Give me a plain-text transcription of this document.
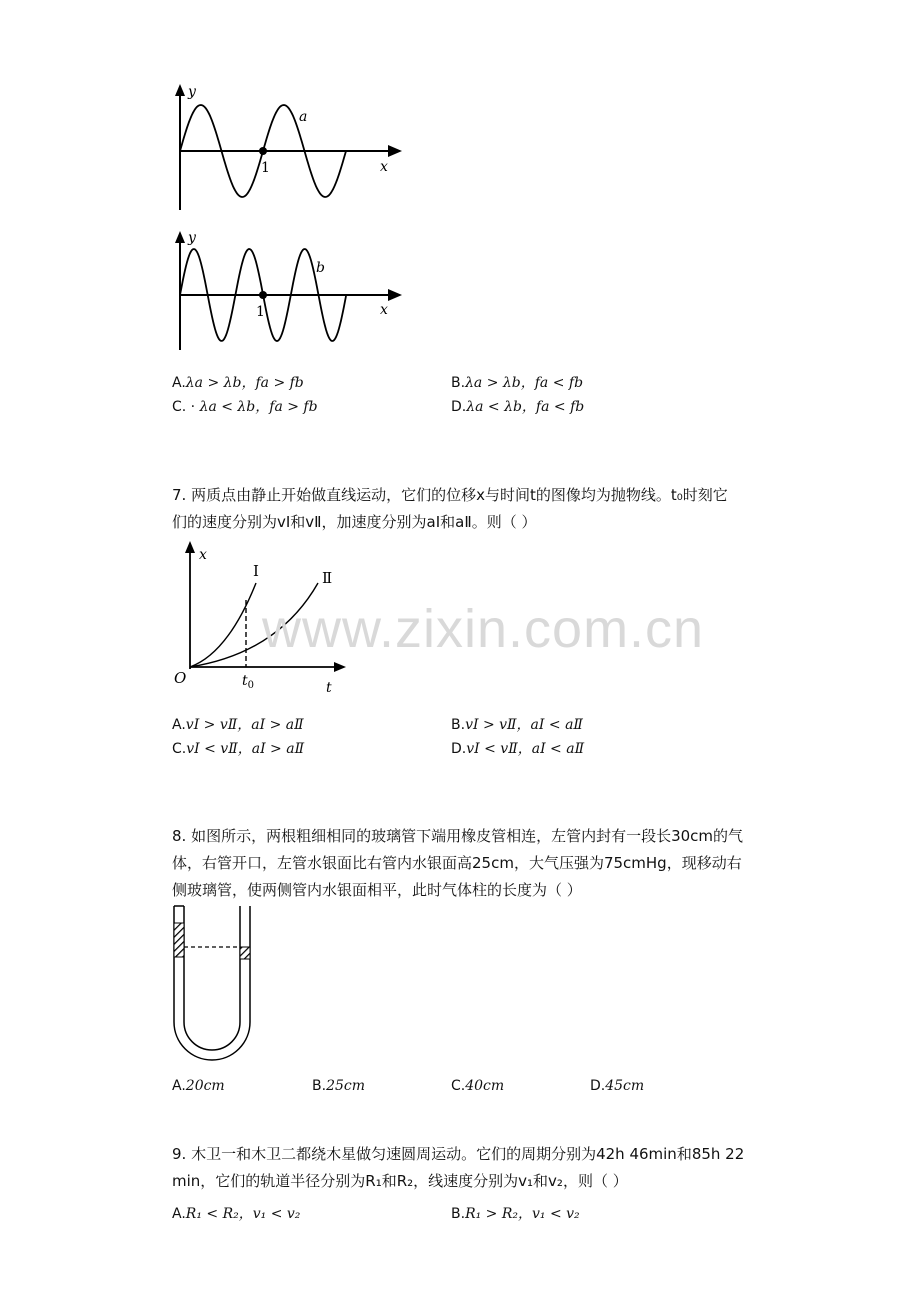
y
x
a
1
y
x
b
1
A.λa > λb，fa > fb	B.λa > λb，fa < fb
C. · λa < λb，fa > fb	D.λa < λb，fa < fb
7. 两质点由静止开始做直线运动，它们的位移x与时间t的图像均为抛物线。t₀时刻它
们的速度分别为vⅠ和vⅡ，加速度分别为aⅠ和aⅡ。则（ ）
x
t
O	$t_0$
Ⅰ	Ⅱ
A.vⅠ > vⅡ，aⅠ > aⅡ	B.vⅠ > vⅡ，aⅠ < aⅡ
C.vⅠ < vⅡ，aⅠ > aⅡ	D.vⅠ < vⅡ，aⅠ < aⅡ
8. 如图所示，两根粗细相同的玻璃管下端用橡皮管相连，左管内封有一段长30cm的气
体，右管开口，左管水银面比右管内水银面高25cm，大气压强为75cmHg，现移动右
侧玻璃管，使两侧管内水银面相平，此时气体柱的长度为（ ）
A.20cm	B.25cm	C.40cm	D.45cm
9. 木卫一和木卫二都绕木星做匀速圆周运动。它们的周期分别为42h 46min和85h 22
min，它们的轨道半径分别为R₁和R₂，线速度分别为v₁和v₂，则（ ）
A.R₁ < R₂，v₁ < v₂	B.R₁ > R₂，v₁ < v₂
www.zixin.com.cn
